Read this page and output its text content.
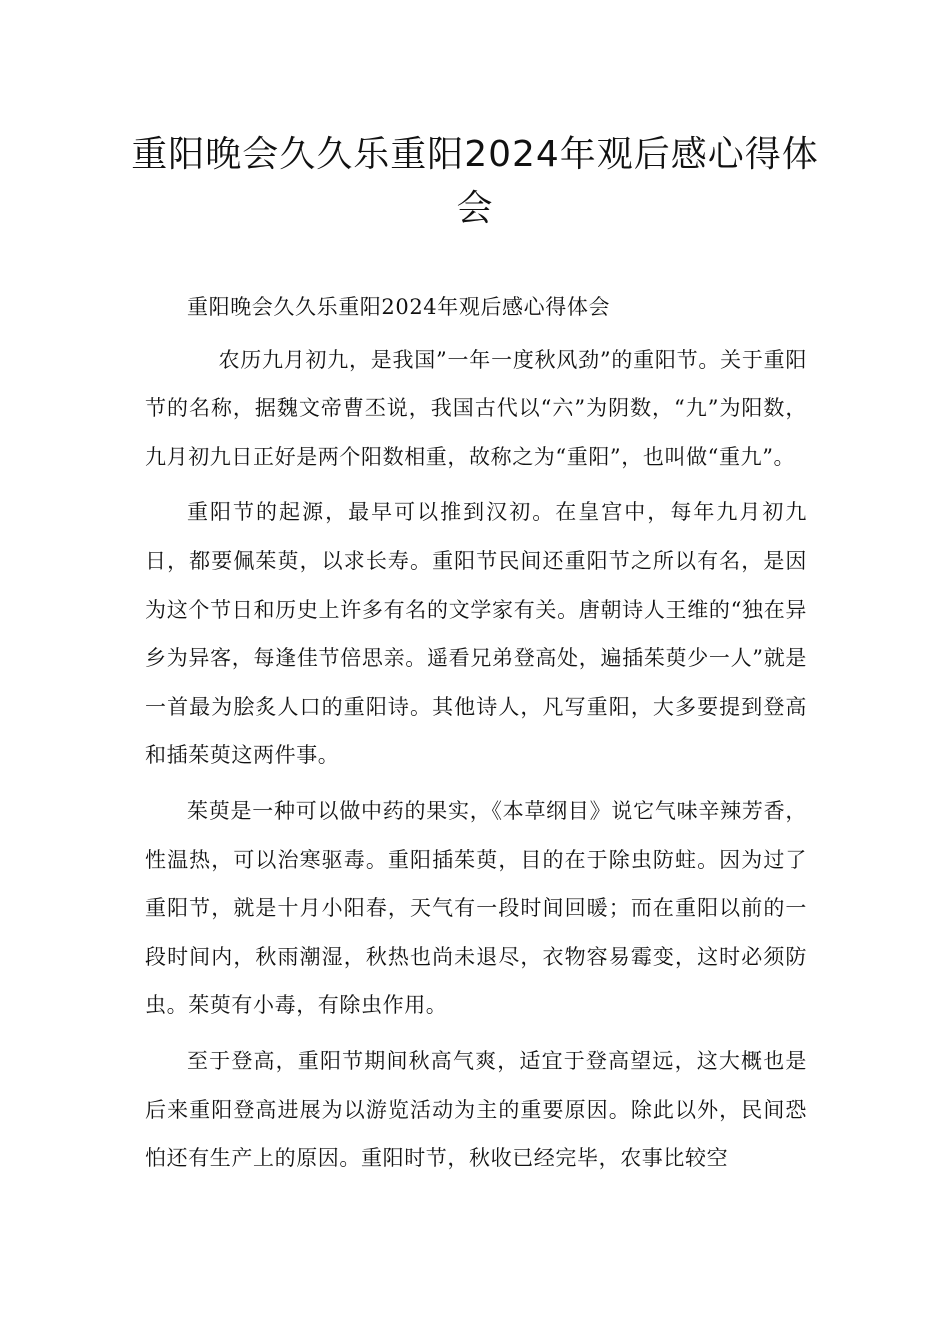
重阳晚会久久乐重阳2024年观后感心得体会

重阳晚会久久乐重阳2024年观后感心得体会

农历九月初九，是我国”一年一度秋风劲”的重阳节。关于重阳节的名称，据魏文帝曹丕说，我国古代以“六”为阴数，“九”为阳数，九月初九日正好是两个阳数相重，故称之为“重阳”，也叫做“重九”。

重阳节的起源，最早可以推到汉初。在皇宫中，每年九月初九日，都要佩茱萸，以求长寿。重阳节民间还重阳节之所以有名，是因为这个节日和历史上许多有名的文学家有关。唐朝诗人王维的“独在异乡为异客，每逢佳节倍思亲。遥看兄弟登高处，遍插茱萸少一人”就是一首最为脍炙人口的重阳诗。其他诗人，凡写重阳，大多要提到登高和插茱萸这两件事。

茱萸是一种可以做中药的果实，《本草纲目》说它气味辛辣芳香，性温热，可以治寒驱毒。重阳插茱萸，目的在于除虫防蛀。因为过了重阳节，就是十月小阳春，天气有一段时间回暖；而在重阳以前的一段时间内，秋雨潮湿，秋热也尚未退尽，衣物容易霉变，这时必须防虫。茱萸有小毒，有除虫作用。

至于登高，重阳节期间秋高气爽，适宜于登高望远，这大概也是后来重阳登高进展为以游览活动为主的重要原因。除此以外，民间恐怕还有生产上的原因。重阳时节，秋收已经完毕，农事比较空
